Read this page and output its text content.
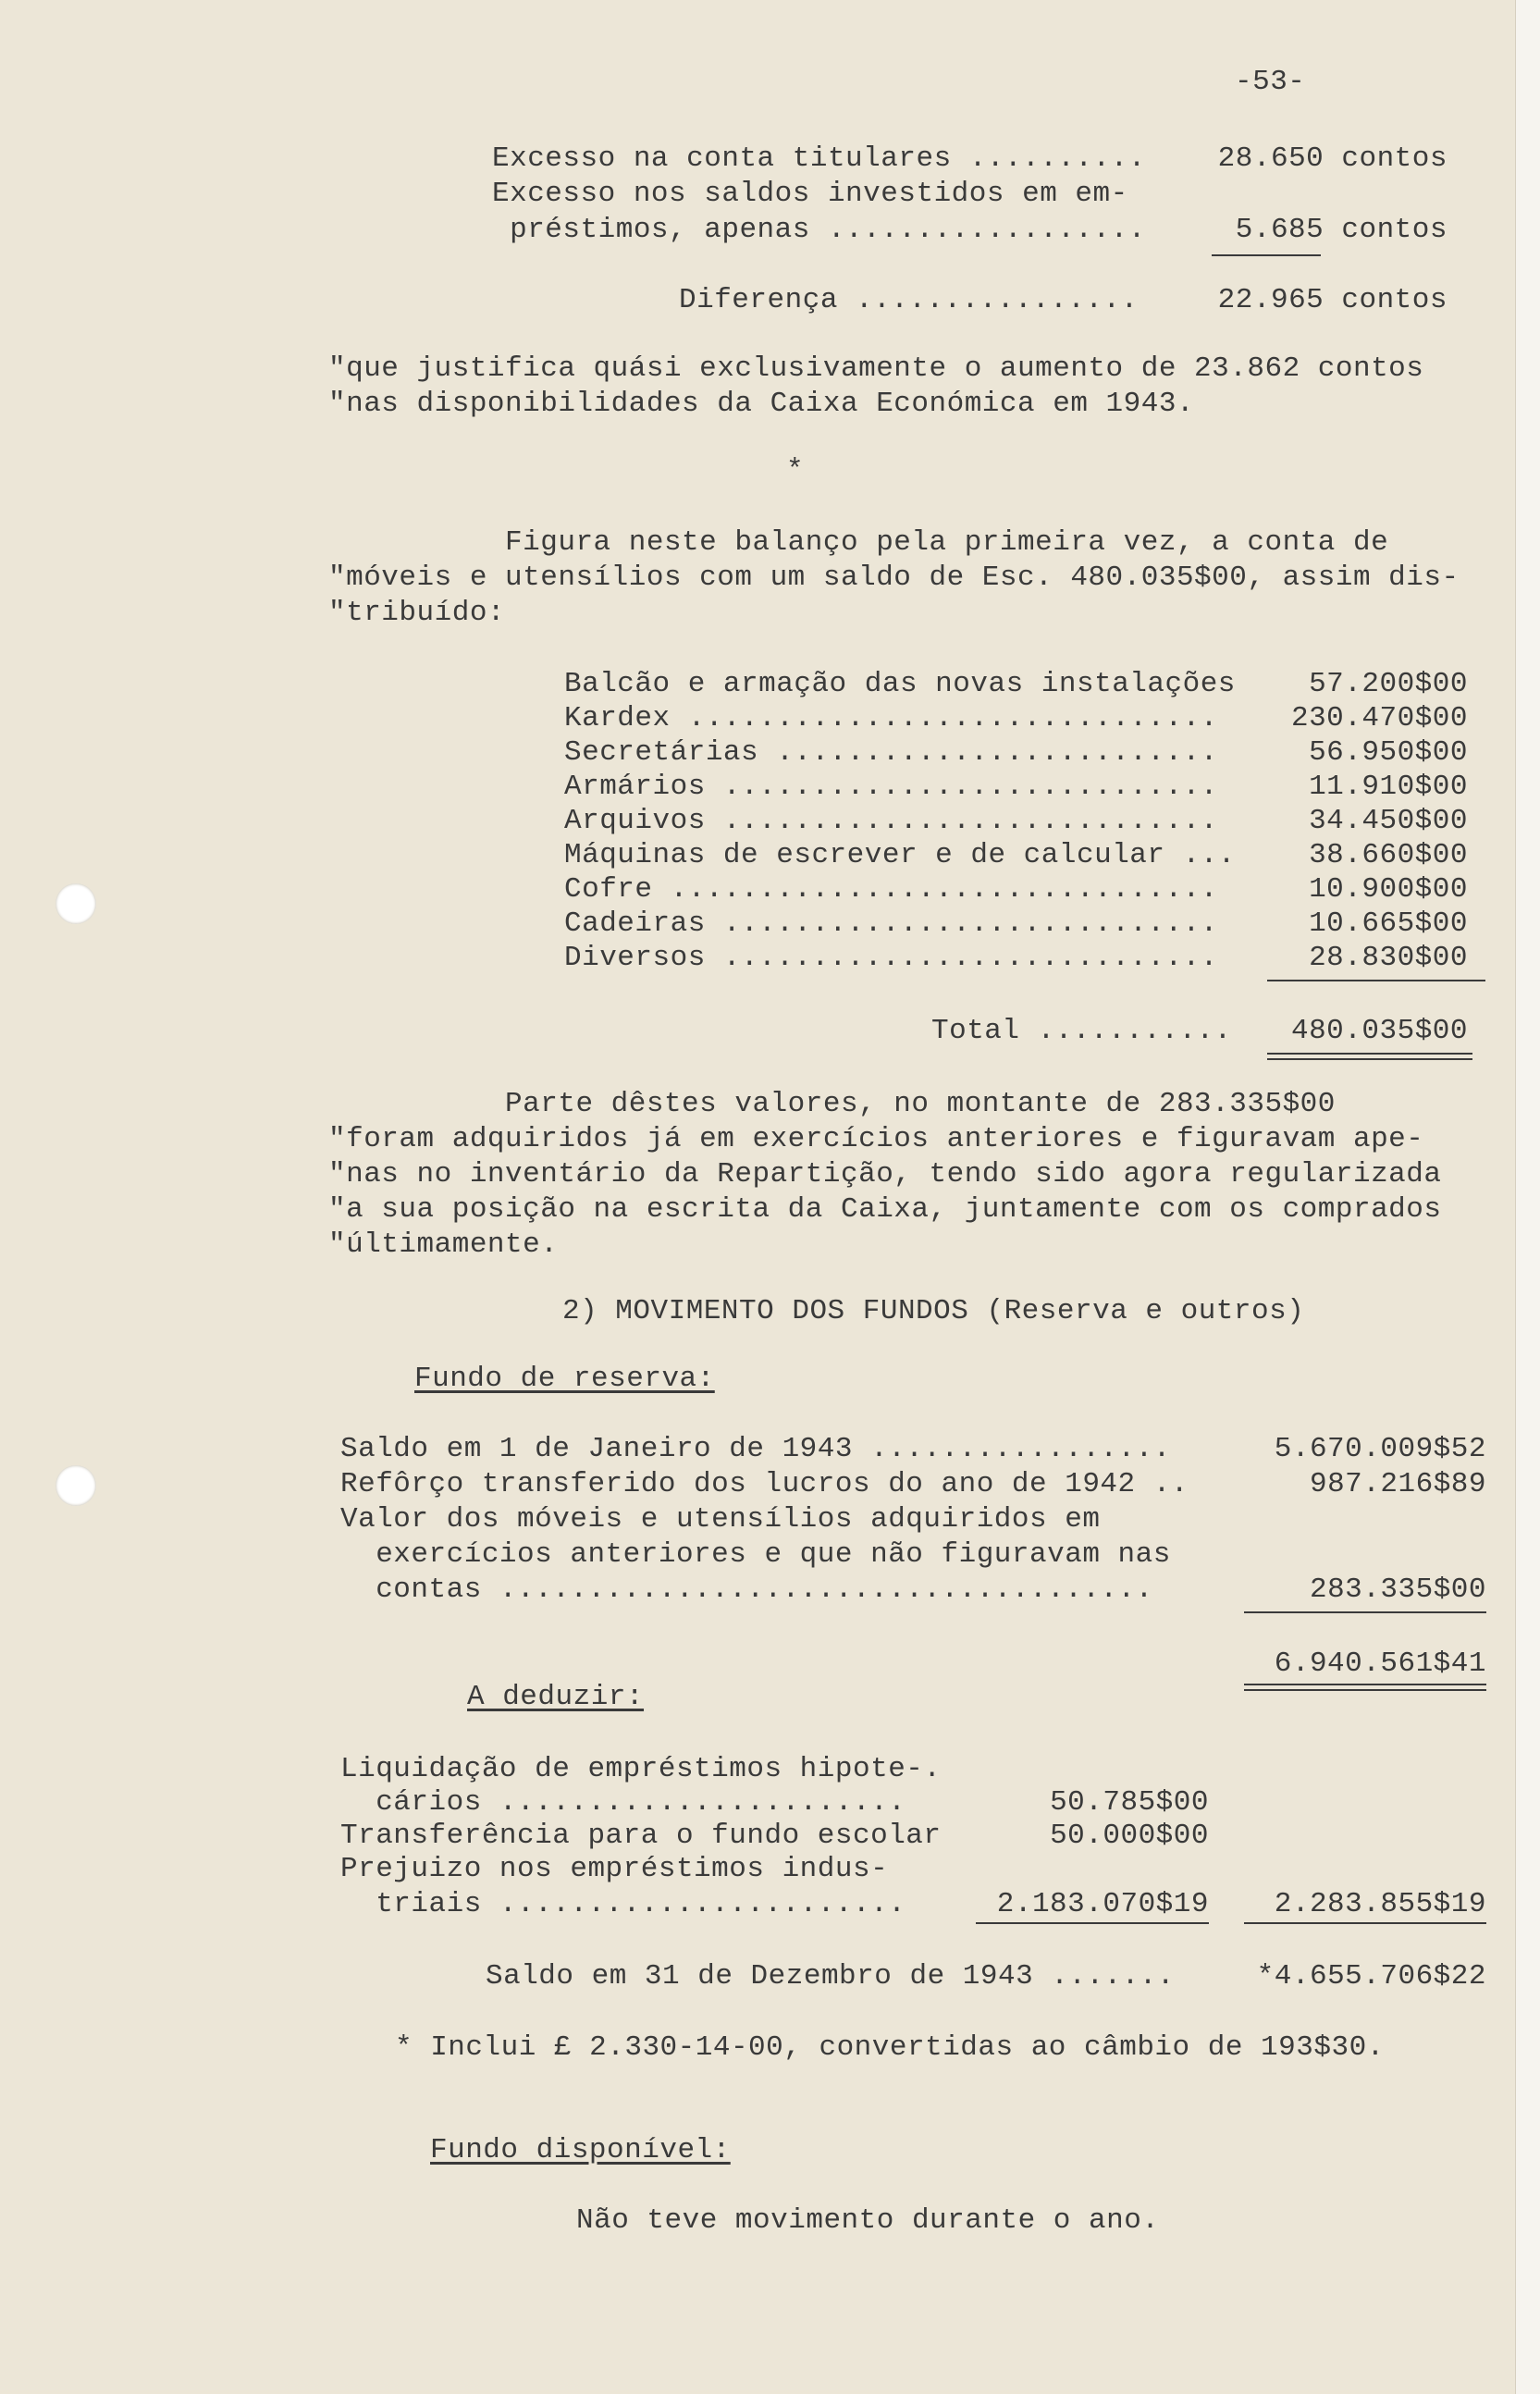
-53-
Excesso na conta titulares ..........	28.650 contos
Excesso nos saldos investidos em em-
préstimos, apenas ..................	5.685 contos
Diferença ................	22.965 contos
"que justifica quási exclusivamente o aumento de 23.862 contos
"nas disponibilidades da Caixa Económica em 1943.
*
Figura neste balanço pela primeira vez, a conta de
"móveis e utensílios com um saldo de Esc. 480.035$00, assim dis-
"tribuído:
Balcão e armação das novas instalações	57.200$00
Kardex ..............................	230.470$00
Secretárias .........................	56.950$00
Armários ............................	11.910$00
Arquivos ............................	34.450$00
Máquinas de escrever e de calcular ...	38.660$00
Cofre ...............................	10.900$00
Cadeiras ............................	10.665$00
Diversos ............................	28.830$00
Total ........... 480.035$00
Parte dêstes valores, no montante de 283.335$00
"foram adquiridos já em exercícios anteriores e figuravam ape-
"nas no inventário da Repartição, tendo sido agora regularizada
"a sua posição na escrita da Caixa, juntamente com os comprados
"últimamente.
2) MOVIMENTO DOS FUNDOS (Reserva e outros)
Fundo de reserva:
Saldo em 1 de Janeiro de 1943 .................	5.670.009$52
Refôrço transferido dos lucros do ano de 1942 ..	987.216$89
Valor dos móveis e utensílios adquiridos em
exercícios anteriores e que não figuravam nas
contas .....................................	283.335$00
6.940.561$41
A deduzir:
Liquidação de empréstimos hipote-.
cários .......................	50.785$00
Transferência para o fundo escolar	50.000$00
Prejuizo nos empréstimos indus-
triais .......................	2.183.070$19 2.283.855$19
Saldo em 31 de Dezembro de 1943 .......	*4.655.706$22
* Inclui £ 2.330-14-00, convertidas ao câmbio de 193$30.
Fundo disponível:
Não teve movimento durante o ano.
